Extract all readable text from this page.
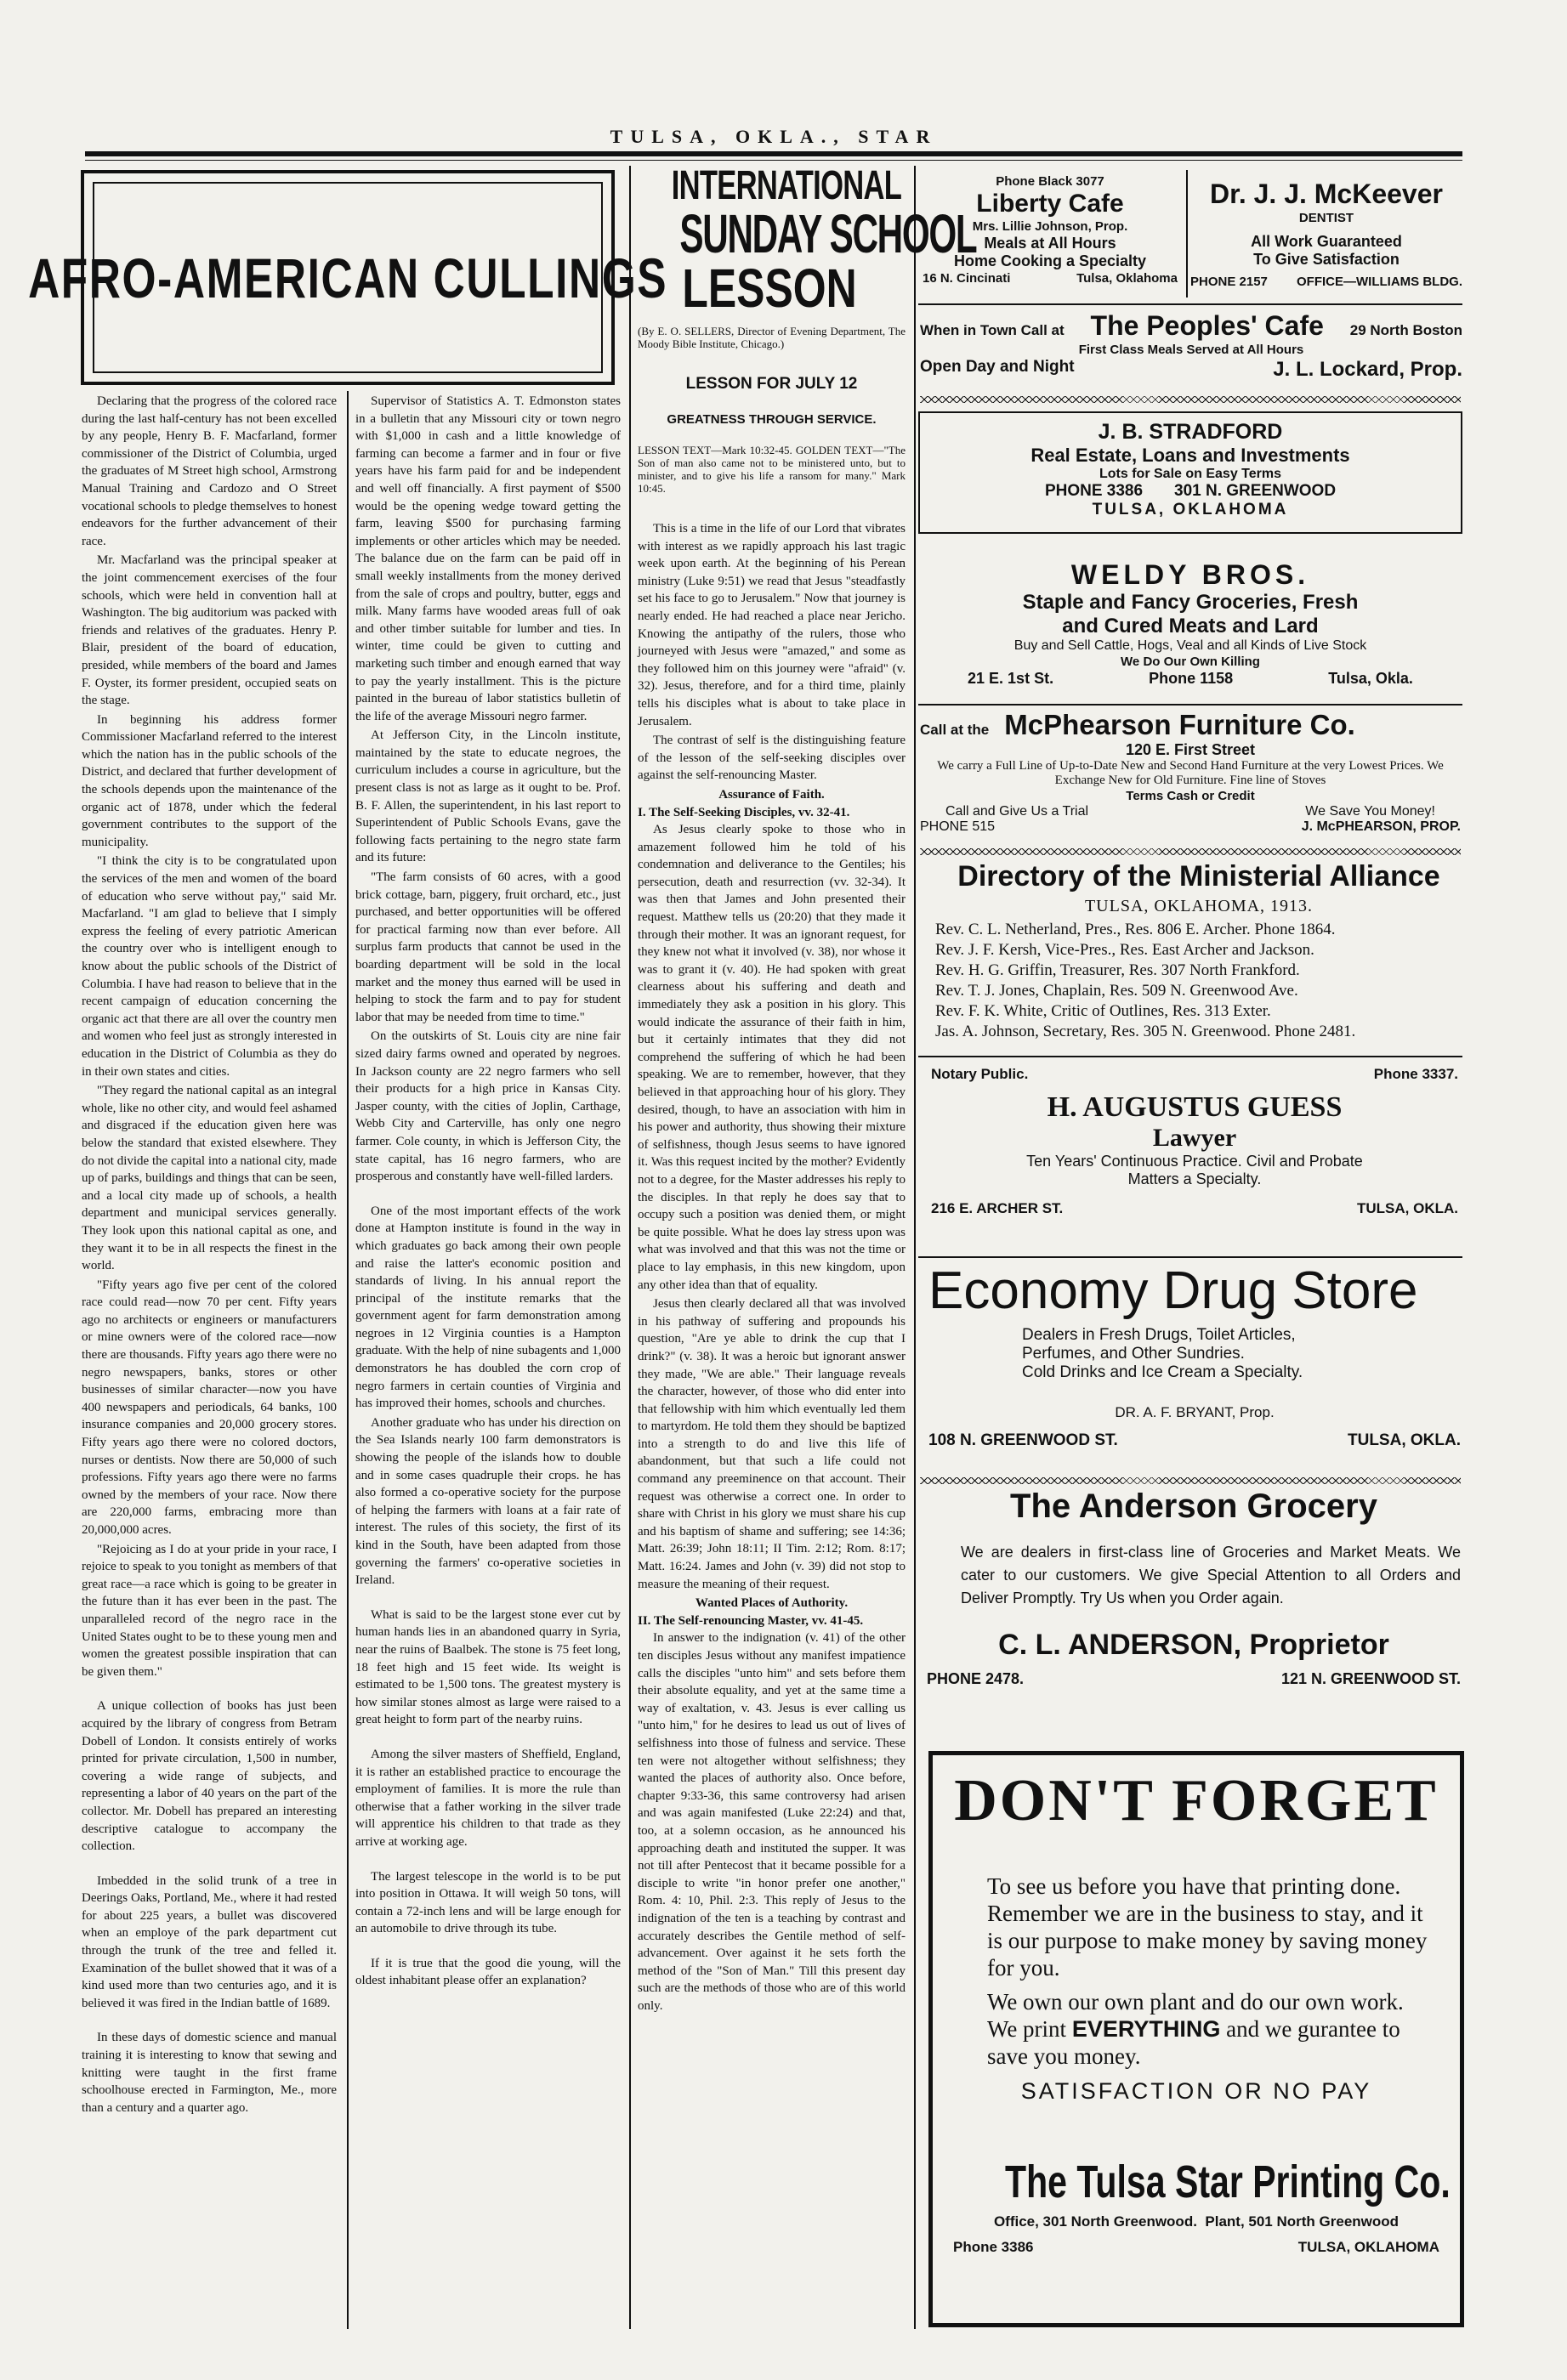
TULSA, OKLA., STAR
AFRO-AMERICAN CULLINGS

Declaring that the progress of the colored race during the last half-century has not been excelled by any people, Henry B. F. Macfarland, former commissioner of the District of Columbia, urged the graduates of M Street high school, Armstrong Manual Training and Cardozo and O Street vocational schools to pledge themselves to honest endeavors for the further advancement of their race.

Mr. Macfarland was the principal speaker at the joint commencement exercises of the four schools, which were held in convention hall at Washington. The big auditorium was packed with friends and relatives of the graduates. Henry P. Blair, president of the board of education, presided, while members of the board and James F. Oyster, its former president, occupied seats on the stage.

In beginning his address former Commissioner Macfarland referred to the interest which the nation has in the public schools of the District, and declared that further development of the schools depends upon the maintenance of the organic act of 1878, under which the federal government contributes to the support of the municipality.

"I think the city is to be congratulated upon the services of the men and women of the board of education who serve without pay," said Mr. Macfarland. "I am glad to believe that I simply express the feeling of every patriotic American the country over who is intelligent enough to know about the public schools of the District of Columbia. I have had reason to believe that in the recent campaign of education concerning the organic act that there are all over the country men and women who feel just as strongly interested in education in the District of Columbia as they do in their own states and cities.

"They regard the national capital as an integral whole, like no other city, and would feel ashamed and disgraced if the education given here was below the standard that existed elsewhere. They do not divide the capital into a national city, made up of parks, buildings and things that can be seen, and a local city made up of schools, a health department and municipal services generally. They look upon this national capital as one, and they want it to be in all respects the finest in the world.

"Fifty years ago five per cent of the colored race could read—now 70 per cent. Fifty years ago no architects or engineers or manufacturers or mine owners were of the colored race—now there are thousands. Fifty years ago there were no negro newspapers, banks, stores or other businesses of similar character—now you have 400 newspapers and periodicals, 64 banks, 100 insurance companies and 20,000 grocery stores. Fifty years ago there were no colored doctors, nurses or dentists. Now there are 50,000 of such professions. Fifty years ago there were no farms owned by the members of your race. Now there are 220,000 farms, embracing more than 20,000,000 acres.

"Rejoicing as I do at your pride in your race, I rejoice to speak to you tonight as members of that great race—a race which is going to be greater in the future than it has ever been in the past. The unparalleled record of the negro race in the United States ought to be to these young men and women the greatest possible inspiration that can be given them."

A unique collection of books has just been acquired by the library of congress from Betram Dobell of London. It consists entirely of works printed for private circulation, 1,500 in number, covering a wide range of subjects, and representing a labor of 40 years on the part of the collector. Mr. Dobell has prepared an interesting descriptive catalogue to accompany the collection.

Imbedded in the solid trunk of a tree in Deerings Oaks, Portland, Me., where it had rested for about 225 years, a bullet was discovered when an employe of the park department cut through the trunk of the tree and felled it. Examination of the bullet showed that it was of a kind used more than two centuries ago, and it is believed it was fired in the Indian battle of 1689.

In these days of domestic science and manual training it is interesting to know that sewing and knitting were taught in the first frame schoolhouse erected in Farmington, Me., more than a century and a quarter ago.

Supervisor of Statistics A. T. Edmonston states in a bulletin that any Missouri city or town negro with $1,000 in cash and a little knowledge of farming can become a farmer and in four or five years have his farm paid for and be independent and well off financially. A first payment of $500 would be the opening wedge toward getting the farm, leaving $500 for purchasing farming implements or other articles which may be needed. The balance due on the farm can be paid off in small weekly installments from the money derived from the sale of crops and poultry, butter, eggs and milk. Many farms have wooded areas full of oak and other timber suitable for lumber and ties. In winter, time could be given to cutting and marketing such timber and enough earned that way to pay the yearly installment. This is the picture painted in the bureau of labor statistics bulletin of the life of the average Missouri negro farmer.

At Jefferson City, in the Lincoln institute, maintained by the state to educate negroes, the curriculum includes a course in agriculture, but the present class is not as large as it ought to be. Prof. B. F. Allen, the superintendent, in his last report to Superintendent of Public Schools Evans, gave the following facts pertaining to the negro state farm and its future:

"The farm consists of 60 acres, with a good brick cottage, barn, piggery, fruit orchard, etc., just purchased, and better opportunities will be offered for practical farming now than ever before. All surplus farm products that cannot be used in the boarding department will be sold in the local market and the money thus earned will be used in helping to stock the farm and to pay for student labor that may be needed from time to time."

On the outskirts of St. Louis city are nine fair sized dairy farms owned and operated by negroes. In Jackson county are 22 negro farmers who sell their products for a high price in Kansas City. Jasper county, with the cities of Joplin, Carthage, Webb City and Carterville, has only one negro farmer. Cole county, in which is Jefferson City, the state capital, has 16 negro farmers, who are prosperous and constantly have well-filled larders.

One of the most important effects of the work done at Hampton institute is found in the way in which graduates go back among their own people and raise the latter's economic position and standards of living. In his annual report the principal of the institute remarks that the government agent for farm demonstration among negroes in 12 Virginia counties is a Hampton graduate. With the help of nine subagents and 1,000 demonstrators he has doubled the corn crop of negro farmers in certain counties of Virginia and has improved their homes, schools and churches.

Another graduate who has under his direction on the Sea Islands nearly 100 farm demonstrators is showing the people of the islands how to double and in some cases quadruple their crops. he has also formed a co-operative society for the purpose of helping the farmers with loans at a fair rate of interest. The rules of this society, the first of its kind in the South, have been adapted from those governing the farmers' co-operative societies in Ireland.

What is said to be the largest stone ever cut by human hands lies in an abandoned quarry in Syria, near the ruins of Baalbek. The stone is 75 feet long, 18 feet high and 15 feet wide. Its weight is estimated to be 1,500 tons. The greatest mystery is how similar stones almost as large were raised to a great height to form part of the nearby ruins.

Among the silver masters of Sheffield, England, it is rather an established practice to encourage the employment of families. It is more the rule than otherwise that a father working in the silver trade will apprentice his children to that trade as they arrive at working age.

The largest telescope in the world is to be put into position in Ottawa. It will weigh 50 tons, will contain a 72-inch lens and will be large enough for an automobile to drive through its tube.

If it is true that the good die young, will the oldest inhabitant please offer an explanation?

INTERNATIONAL
SUNDAY SCHOOL
LESSON
(By E. O. SELLERS, Director of Evening Department, The Moody Bible Institute, Chicago.)
LESSON FOR JULY 12
GREATNESS THROUGH SERVICE.
LESSON TEXT—Mark 10:32-45. GOLDEN TEXT—"The Son of man also came not to be ministered unto, but to minister, and to give his life a ransom for many." Mark 10:45.

This is a time in the life of our Lord that vibrates with interest as we rapidly approach his last tragic week upon earth. At the beginning of his Perean ministry (Luke 9:51) we read that Jesus "steadfastly set his face to go to Jerusalem." Now that journey is nearly ended. He had reached a place near Jericho. Knowing the antipathy of the rulers, those who journeyed with Jesus were "amazed," and some as they followed him on this journey were "afraid" (v. 32). Jesus, therefore, and for a third time, plainly tells his disciples what is about to take place in Jerusalem.

The contrast of self is the distinguishing feature of the lesson of the self-seeking disciples over against the self-renouncing Master.

Assurance of Faith.
I. The Self-Seeking Disciples, vv. 32-41.

As Jesus clearly spoke to those who in amazement followed him he told of his condemnation and deliverance to the Gentiles; his persecution, death and resurrection (vv. 32-34). It was then that James and John presented their request. Matthew tells us (20:20) that they made it through their mother. It was an ignorant request, for they knew not what it involved (v. 38), nor whose it was to grant it (v. 40). He had spoken with great clearness about his suffering and death and immediately they ask a position in his glory. This would indicate the assurance of their faith in him, but it certainly intimates that they did not comprehend the suffering of which he had been speaking. We are to remember, however, that they believed in that approaching hour of his glory. They desired, though, to have an association with him in his power and authority, thus showing their mixture of selfishness, though Jesus seems to have ignored it. Was this request incited by the mother? Evidently not to a degree, for the Master addresses his reply to the disciples. In that reply he does say that to occupy such a position was denied them, or might be quite possible. What he does lay stress upon was what was involved and that this was not the time or place to lay emphasis, in this new kingdom, upon any other idea than that of equality.

Jesus then clearly declared all that was involved in his pathway of suffering and propounds his question, "Are ye able to drink the cup that I drink?" (v. 38). It was a heroic but ignorant answer they made, "We are able." Their language reveals the character, however, of those who did enter into that fellowship with him which eventually led them to martyrdom. He told them they should be baptized into a strength to do and live this life of abandonment, but that such a life could not command any preeminence on that account. Their request was otherwise a correct one. In order to share with Christ in his glory we must share his cup and his baptism of shame and suffering; see 14:36; Matt. 26:39; John 18:11; II Tim. 2:12; Rom. 8:17; Matt. 16:24. James and John (v. 39) did not stop to measure the meaning of their request.

Wanted Places of Authority.
II. The Self-renouncing Master, vv. 41-45.

In answer to the indignation (v. 41) of the other ten disciples Jesus without any manifest impatience calls the disciples "unto him" and sets before them their absolute equality, and yet at the same time a way of exaltation, v. 43. Jesus is ever calling us "unto him," for he desires to lead us out of lives of selfishness into those of fulness and service. These ten were not altogether without selfishness; they wanted the places of authority also. Once before, chapter 9:33-36, this same controversy had arisen and was again manifested (Luke 22:24) and that, too, at a solemn occasion, as he announced his approaching death and instituted the supper. It was not till after Pentecost that it became possible for a disciple to write "in honor prefer one another," Rom. 4: 10, Phil. 2:3. This reply of Jesus to the indignation of the ten is a teaching by contrast and accurately describes the Gentile method of self-advancement. Over against it he sets forth the method of the "Son of Man." Till this present day such are the methods of those who are of this world only.

Phone Black 3077
Liberty Cafe
Mrs. Lillie Johnson, Prop.
Meals at All Hours
Home Cooking a Specialty
16 N. Cincinati	Tulsa, Oklahoma
Dr. J. J. McKeever
DENTIST
All Work Guaranteed
To Give Satisfaction
PHONE 2157 OFFICE—WILLIAMS BLDG.
When in Town Call at The Peoples' Cafe 29 North Boston
First Class Meals Served at All Hours
Open Day and Night	J. L. Lockard, Prop.
J. B. STRADFORD
Real Estate, Loans and Investments
Lots for Sale on Easy Terms
PHONE 3386 301 N. GREENWOOD
TULSA, OKLAHOMA
WELDY BROS.
Staple and Fancy Groceries, Fresh
and Cured Meats and Lard
Buy and Sell Cattle, Hogs, Veal and all Kinds of Live Stock
We Do Our Own Killing
21 E. 1st St.	Phone 1158	Tulsa, Okla.
Call at the McPhearson Furniture Co.
120 E. First Street
We carry a Full Line of Up-to-Date New and Second Hand Furniture at the very Lowest Prices. We Exchange New for Old Furniture. Fine line of Stoves
Terms Cash or Credit
Call and Give Us a Trial	We Save You Money!
PHONE 515	J. McPHEARSON, PROP.
Directory of the Ministerial Alliance
TULSA, OKLAHOMA, 1913.
Rev. C. L. Netherland, Pres., Res. 806 E. Archer. Phone 1864.
Rev. J. F. Kersh, Vice-Pres., Res. East Archer and Jackson.
Rev. H. G. Griffin, Treasurer, Res. 307 North Frankford.
Rev. T. J. Jones, Chaplain, Res. 509 N. Greenwood Ave.
Rev. F. K. White, Critic of Outlines, Res. 313 Exter.
Jas. A. Johnson, Secretary, Res. 305 N. Greenwood. Phone 2481.
Notary Public.	Phone 3337.
H. AUGUSTUS GUESS
Lawyer
Ten Years' Continuous Practice. Civil and Probate
Matters a Specialty.
216 E. ARCHER ST.	TULSA, OKLA.
Economy Drug Store
Dealers in Fresh Drugs, Toilet Articles,
Perfumes, and Other Sundries.
Cold Drinks and Ice Cream a Specialty.
DR. A. F. BRYANT, Prop.
108 N. GREENWOOD ST.	TULSA, OKLA.
The Anderson Grocery
We are dealers in first-class line of Groceries and Market Meats. We cater to our customers. We give Special Attention to all Orders and Deliver Promptly. Try Us when you Order again.
C. L. ANDERSON, Proprietor
PHONE 2478.	121 N. GREENWOOD ST.
DON'T FORGET
To see us before you have that printing done. Remember we are in the business to stay, and it is our purpose to make money by saving money for you.
We own our own plant and do our own work. We print EVERYTHING and we gurantee to save you money.
SATISFACTION OR NO PAY
The Tulsa Star Printing Co.
Office, 301 North Greenwood. Plant, 501 North Greenwood
Phone 3386	TULSA, OKLAHOMA
